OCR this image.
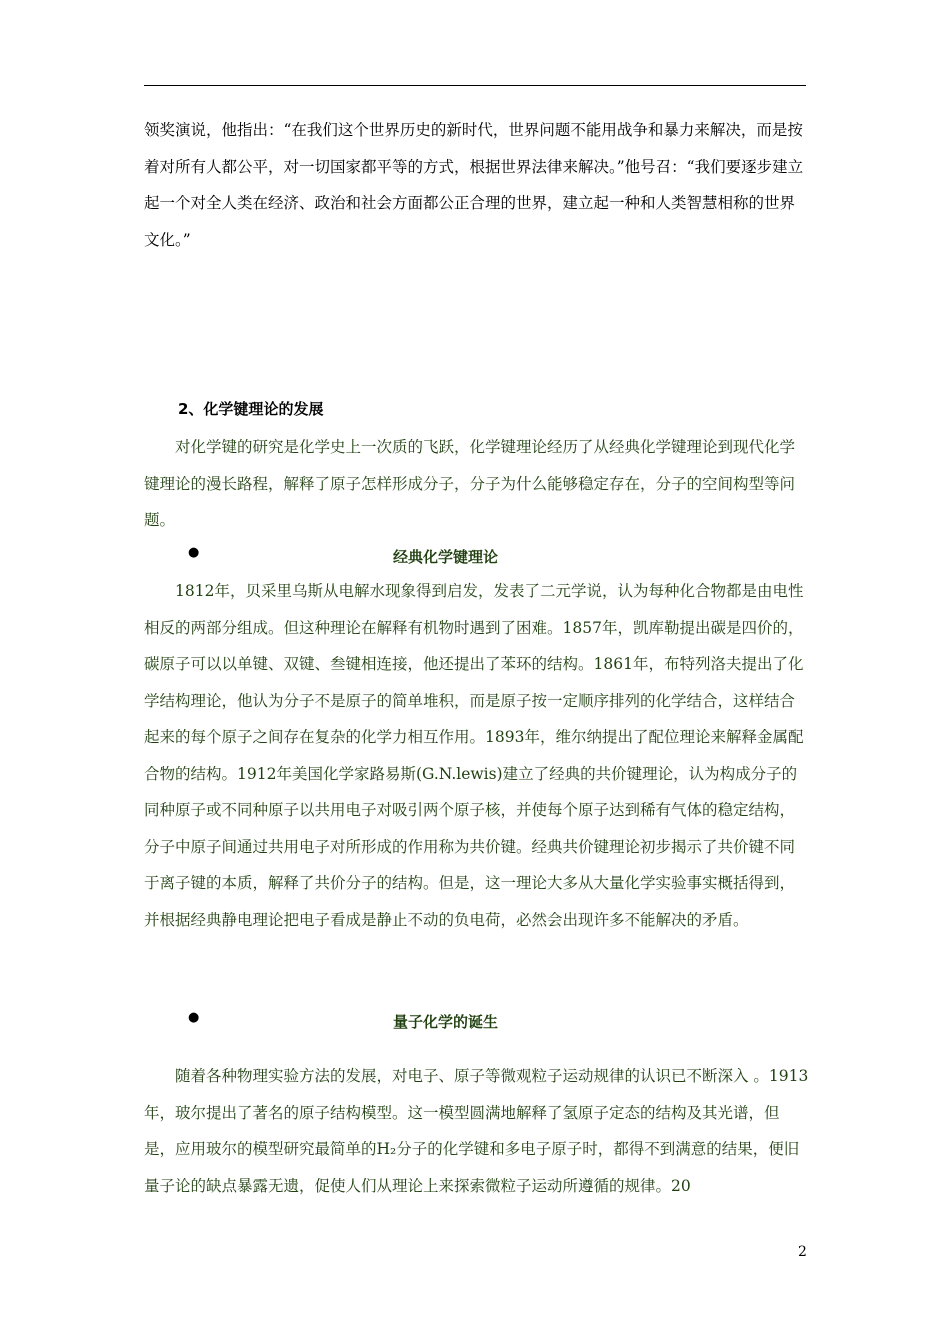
领奖演说，他指出：“在我们这个世界历史的新时代，世界问题不能用战争和暴力来解决，而是按着对所有人都公平，对一切国家都平等的方式，根据世界法律来解决。”他号召：“我们要逐步建立起一个对全人类在经济、政治和社会方面都公正合理的世界，建立起一种和人类智慧相称的世界文化。”

2、化学键理论的发展

对化学键的研究是化学史上一次质的飞跃，化学键理论经历了从经典化学键理论到现代化学键理论的漫长路程，解释了原子怎样形成分子，分子为什么能够稳定存在，分子的空间构型等问题。

●	经典化学键理论

1812年，贝采里乌斯从电解水现象得到启发，发表了二元学说，认为每种化合物都是由电性相反的两部分组成。但这种理论在解释有机物时遇到了困难。1857年，凯库勒提出碳是四价的，碳原子可以以单键、双键、叁键相连接，他还提出了苯环的结构。1861年，布特列洛夫提出了化学结构理论，他认为分子不是原子的简单堆积，而是原子按一定顺序排列的化学结合，这样结合起来的每个原子之间存在复杂的化学力相互作用。1893年，维尔纳提出了配位理论来解释金属配合物的结构。1912年美国化学家路易斯(G.N.lewis)建立了经典的共价键理论，认为构成分子的同种原子或不同种原子以共用电子对吸引两个原子核，并使每个原子达到稀有气体的稳定结构，分子中原子间通过共用电子对所形成的作用称为共价键。经典共价键理论初步揭示了共价键不同于离子键的本质，解释了共价分子的结构。但是，这一理论大多从大量化学实验事实概括得到，并根据经典静电理论把电子看成是静止不动的负电荷，必然会出现许多不能解决的矛盾。

●	量子化学的诞生

随着各种物理实验方法的发展，对电子、原子等微观粒子运动规律的认识已不断深入 。1913年，玻尔提出了著名的原子结构模型。这一模型圆满地解释了氢原子定态的结构及其光谱，但是，应用玻尔的模型研究最简单的H₂分子的化学键和多电子原子时，都得不到满意的结果，便旧量子论的缺点暴露无遗，促使人们从理论上来探索微粒子运动所遵循的规律。20

2
